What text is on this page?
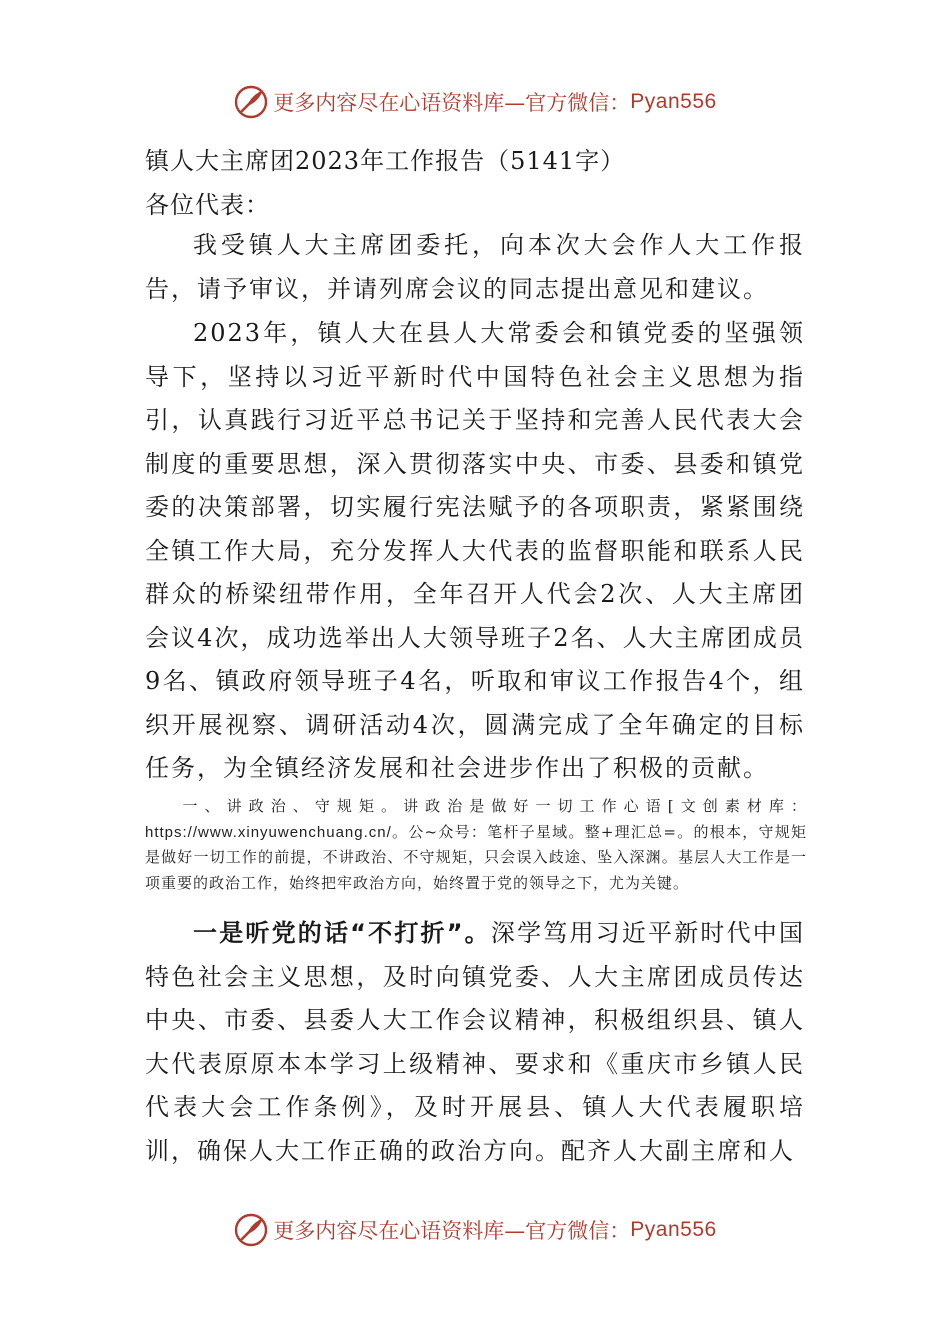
更多内容尽在心语资料库—官方微信： Pyan556
镇人大主席团2023年工作报告（5141字）
各位代表：

我受镇人大主席团委托，向本次大会作人大工作报告，请予审议，并请列席会议的同志提出意见和建议。

2023年，镇人大在县人大常委会和镇党委的坚强领导下，坚持以习近平新时代中国特色社会主义思想为指引，认真践行习近平总书记关于坚持和完善人民代表大会制度的重要思想，深入贯彻落实中央、市委、县委和镇党委的决策部署，切实履行宪法赋予的各项职责，紧紧围绕全镇工作大局，充分发挥人大代表的监督职能和联系人民群众的桥梁纽带作用，全年召开人代会2次、人大主席团会议4次，成功选举出人大领导班子2名、人大主席团成员9名、镇政府领导班子4名，听取和审议工作报告4个，组织开展视察、调研活动4次，圆满完成了全年确定的目标任务，为全镇经济发展和社会进步作出了积极的贡献。

一、讲政治、守规矩。讲政治是做好一切工作心语[文创素材库：https://www.xinyuwenchuang.cn/。公~众号：笔杆子星域。整+理汇总=。的根本，守规矩是做好一切工作的前提，不讲政治、不守规矩，只会误入歧途、坠入深渊。基层人大工作是一项重要的政治工作，始终把牢政治方向，始终置于党的领导之下，尤为关键。

一是听党的话“不打折”。深学笃用习近平新时代中国特色社会主义思想，及时向镇党委、人大主席团成员传达中央、市委、县委人大工作会议精神，积极组织县、镇人大代表原原本本学习上级精神、要求和《重庆市乡镇人民代表大会工作条例》，及时开展县、镇人大代表履职培训，确保人大工作正确的政治方向。配齐人大副主席和人

更多内容尽在心语资料库—官方微信： Pyan556
